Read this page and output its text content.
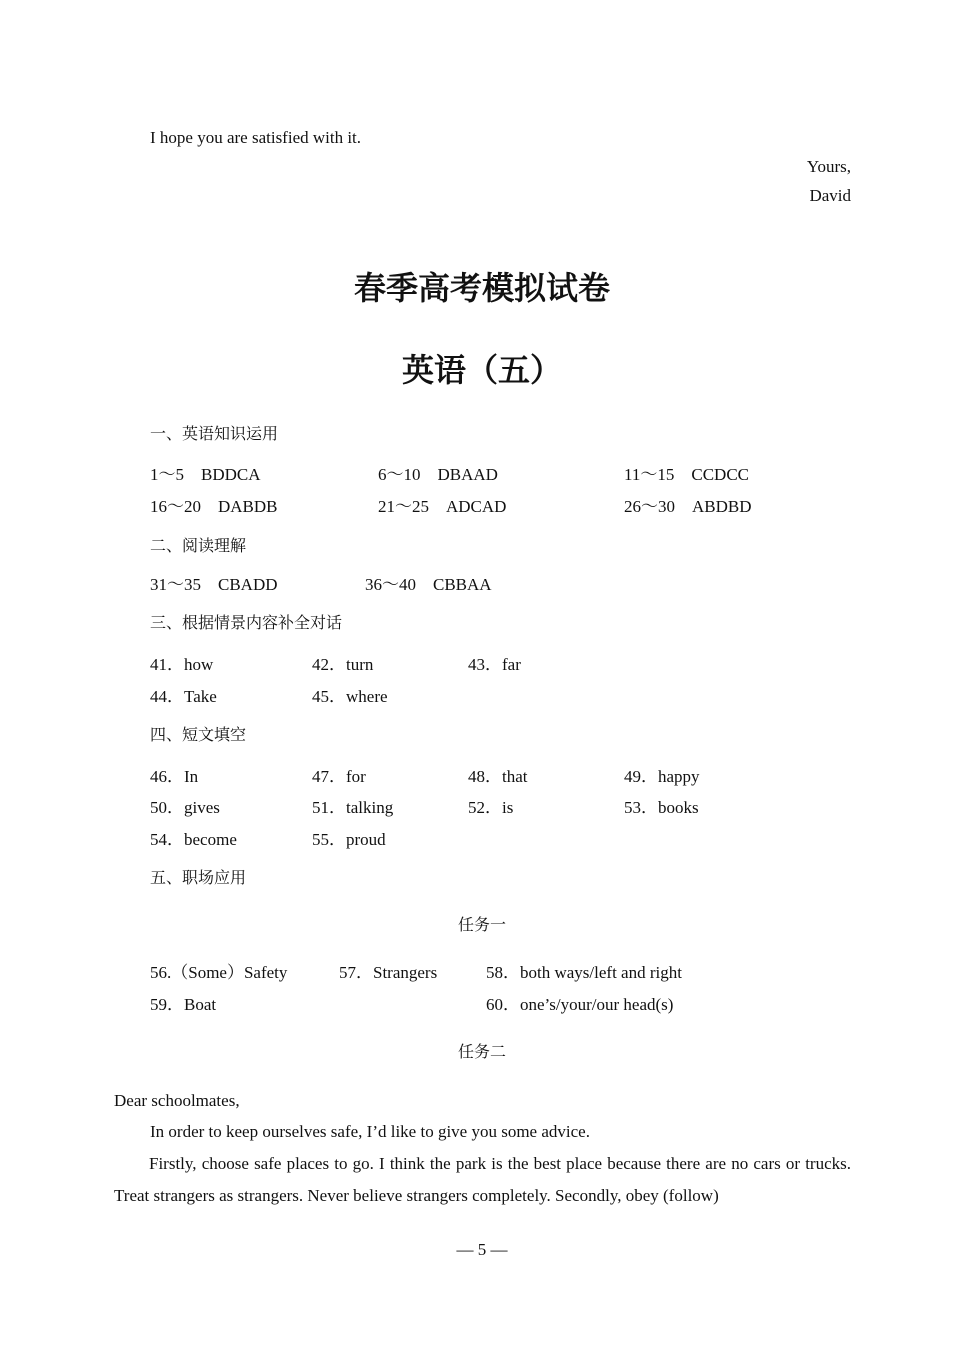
I hope you are satisfied with it.
Yours,
David
春季高考模拟试卷
英语（五）
一、英语知识运用
1～5　BDDCA	6～10　DBAAD	11～15　CCDCC
16～20　DABDB	21～25　ADCAD	26～30　ABDBD
二、阅读理解
31～35　CBADD	36～40　CBBAA
三、根据情景内容补全对话
41．how	42．turn	43．far
44．Take	45．where
四、短文填空
46．In	47．for	48．that	49．happy
50．gives	51．talking	52．is	53．books
54．become	55．proud
五、职场应用
任务一
56.（Some）Safety	57．Strangers	58．both ways/left and right
59．Boat	60．one’s/your/our head(s)
任务二
Dear schoolmates,
In order to keep ourselves safe, I’d like to give you some advice.
Firstly, choose safe places to go. I think the park is the best place because there are no cars or trucks. Treat strangers as strangers. Never believe strangers completely. Secondly, obey (follow)
— 5 —
